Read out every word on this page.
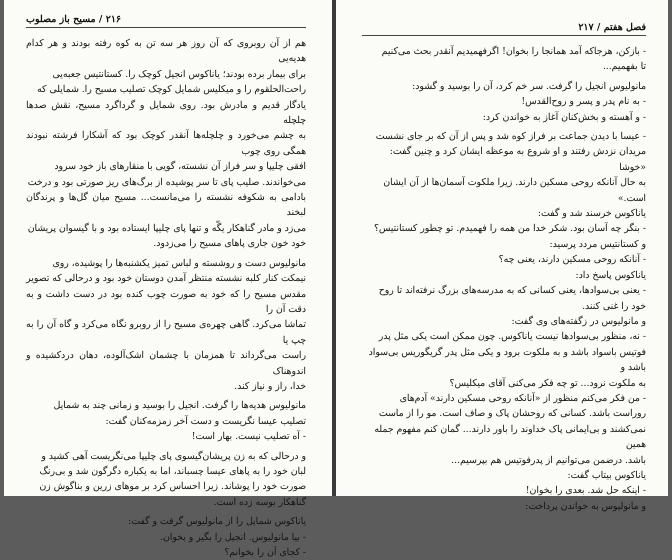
۲۱۶ / مسیح باز مصلوب

هم از آن روبروی که آن روز هر سه تن به کوه رفته بودند و هر کدام هدیه‌یی
برای بیمار برده بودند؛ یاناکوس انجیل کوچک را. کستانتیس جعبه‌یی
راحت‌الحلقوم را و میکلیس شمایل کوچک تصلیب مسیح را. شمایلی که
یادگار قدیم و مادرش بود. روی شمایل و گرداگرد مسیح، نقش صدها چلچله
به چشم می‌خورد و چلچله‌ها آنقدر کوچک بود که آشکارا فرشته نبودند همگی روی چوب
افقی چلیپا و سر فراز آن نشسته، گویی با منقارهای باز خود سرود
می‌خواندند. صلیب پای تا سر پوشیده از برگ‌های ریز صورتی بود و درخت
بادامی به شکوفه نشسته را می‌مانست... مسیح میان گل‌ها و پرندگان لبخند
می‌زد و مادر گناهکار یگّه و تنها پای چلیپا ایستاده بود و با گیسوان پریشان
خود خون جاری پاهای مسیح را می‌زدود.

مانولیوس دست و روشسته و لباس تمیز یکشنبه‌ها را پوشیده، روی
نیمکت کنار کلبه نشسته منتظر آمدن دوستان خود بود و درحالی که تصویر
مقدس مسیح را که خود به صورت چوب کنده بود در دست داشت و به دقت آن را
تماشا می‌کرد. گاهی چهره‌ی مسیح را از روبرو نگاه می‌کرد و گاه آن را به چپ یا
راست می‌گرداند تا همزمان با چشمان اشک‌آلوده، دهان دردکشیده و اندوهناک
خدا، راز و نیاز کند.

مانولیوس هدیه‌ها را گرفت. انجیل را بوسید و زمانی چند به شمایل
تصلیب عیسا نگریست و دست آخر زمزمه‌کنان گفت:
- آه تصلیب نیست. بهار است!

و درحالی که به زن پریشان‌گیسوی پای چلیپا می‌نگریست آهی کشید و
لبان خود را به پاهای عیسا چسباند، اما به یکباره دگرگون شد و بی‌رنگ
صورت خود را پوشاند. زیرا احساس کرد بر موهای زرین و بناگوش زن
گناهکار بوسه زده است.

یاناکوس شمایل را از مانولیوس گرفت و گفت:
- بیا مانولیوس. انجیل را بگیر و بخوان.
- کجای آن را بخوانم؟

فصل هفتم / ۲۱۷

- بازکن، هرجاکه آمد همانجا را بخوان! اگرفهمیدیم آنقدر بحث می‌کنیم
تا بفهمیم...

مانولیوس انجیل را گرفت. سر خم کرد، آن را بوسید و گشود:
- به نام پدر و پسر و روح‌القدس!
- و آهسته و بخش‌کنان آغاز به خواندن کرد:

- عیسا با دیدن جماعت بر فراز کوه شد و پس از آن که بر جای نشست
مریدان نزدش رفتند و او شروع به موعظه ایشان کرد و چنین گفت: «خوشا
به حال آنانکه روحی مسکین دارند. زیرا ملکوت آسمان‌ها از آن ایشان است.»
یاناکوس خرسند شد و گفت:
- بنگر چه آسان بود. شکر خدا من همه را فهمیدم. تو چطور کستانتیس؟
و کستانتیس مردد پرسید:
- آنانکه روحی مسکین دارند، یعنی چه؟
یاناکوس پاسخ داد:
- یعنی بی‌سوادها، یعنی کسانی که به مدرسه‌های بزرگ نرفته‌اند تا روح
خود را غنی کنند.
و مانولیوس در زگفته‌های وی گفت:
- نه، منظور بی‌سوادها نیست یاناکوس. چون ممکن است یکی مثل پدر
فوتیس باسواد باشد و به ملکوت برود و یکی مثل پدر گریگوریس بی‌سواد باشد و
به ملکوت نرود... تو چه فکر می‌کنی آقای میکلیس؟
- من فکر می‌کنم منظور از «آنانکه روحی مسکین دارند» آدم‌های
روراست باشد. کسانی که روحشان پاک و صاف است. مو را از ماست
نمی‌کشند و بی‌ایمانی پاک خداوند را باور دارند... گمان کنم مفهوم جمله همین
باشد. درضمن می‌توانیم از پدرفوتیس هم بپرسیم...
یاناکوس بیتاب گفت:
- اینکه حل شد. بعدی را بخوان!
و مانولیوس به خواندن پرداخت:
